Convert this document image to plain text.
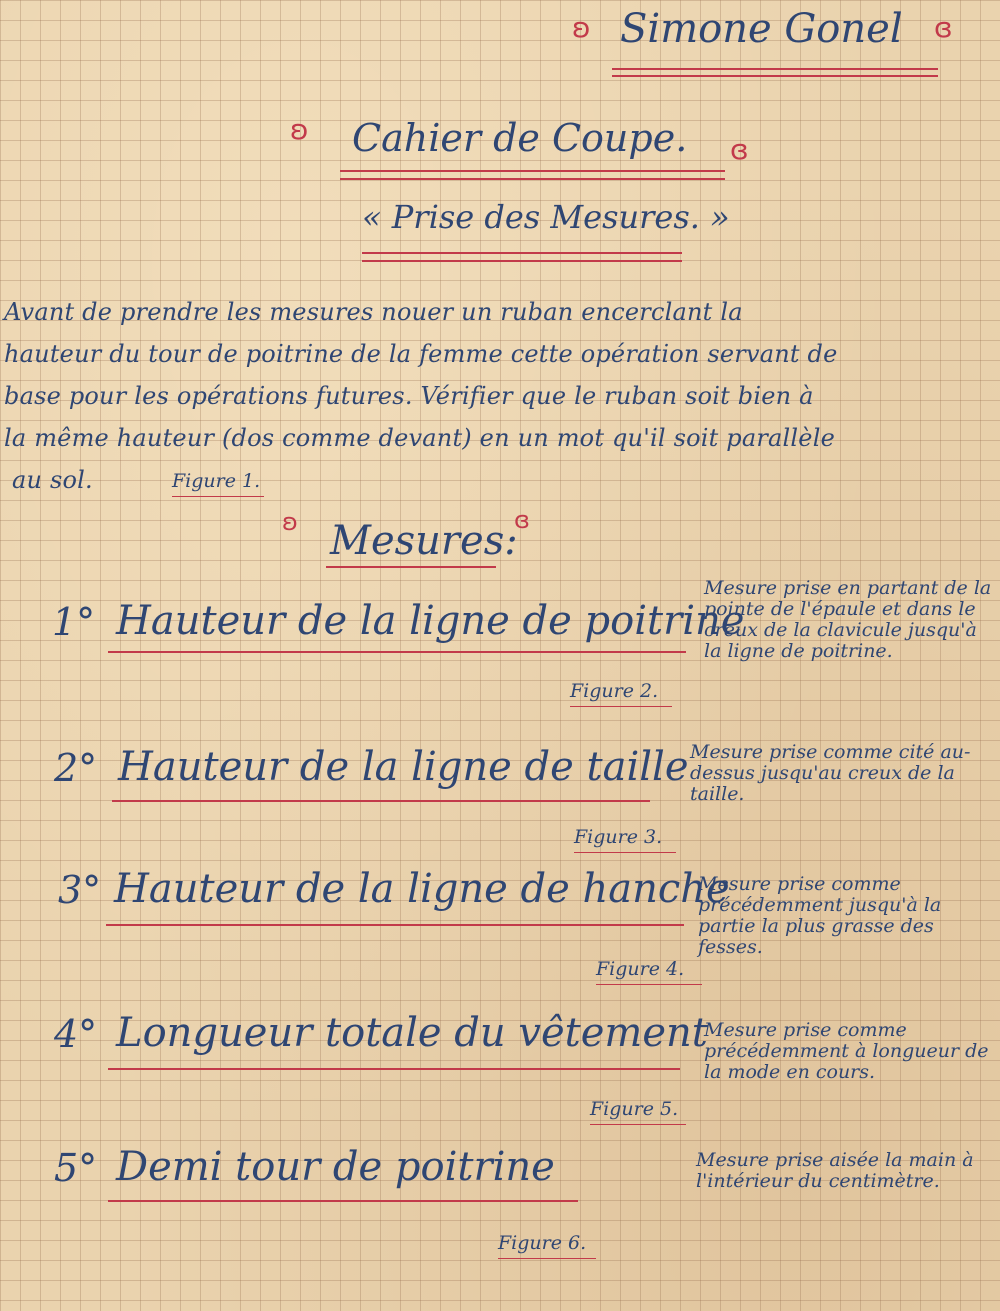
ʚ Simone Gonel ɞ
ʚ Cahier de Coupe. ɞ
« Prise des Mesures. »
Avant de prendre les mesures nouer un ruban encerclant la
hauteur du tour de poitrine de la femme cette opération servant de
base pour les opérations futures. Vérifier que le ruban soit bien à
la même hauteur (dos comme devant) en un mot qu'il soit parallèle
au sol.	Figure 1.
ʚ Mesures:
ɞ
1° Hauteur de la ligne de poitrine
Mesure prise en partant de la pointe de l'épaule et dans le creux de la clavicule jusqu'à la ligne de poitrine.
Figure 2.
2° Hauteur de la ligne de taille Mesure prise comme cité au-dessus jusqu'au creux de la taille.
Figure 3.
3° Hauteur de la ligne de hanche
Mesure prise comme précédemment jusqu'à la partie la plus grasse des fesses.
Figure 4.
4° Longueur totale du vêtement
Mesure prise comme précédemment à longueur de la mode en cours.
Figure 5.
5° Demi tour de poitrine	Mesure prise aisée la main à l'intérieur du centimètre.
Figure 6.
